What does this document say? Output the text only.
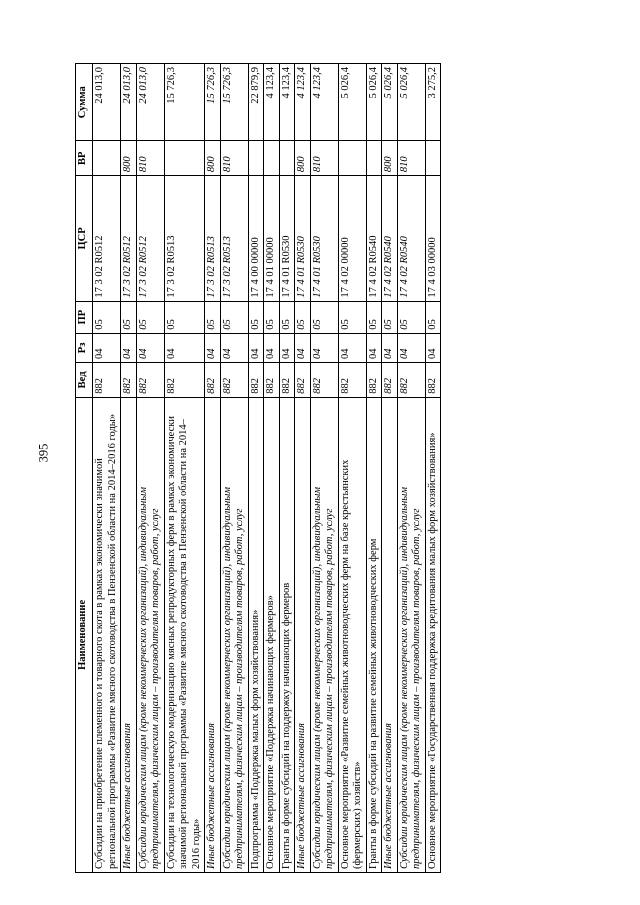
395
Наименование	Вед	Рз	ПР	ЦСР	ВР	Сумма
Субсидии на приобретение племенного и товарного скота в рамках экономически значимой региональной программы «Развитие мясного скотоводства в Пензенской области на 2014–2016 годы»	882	04	05	17 3 02 R0512		24 013,0
Иные бюджетные ассигнования	882	04	05	17 3 02 R0512	800	24 013,0
Субсидии юридическим лицам (кроме некоммерческих организаций), индивидуальным предпринимателям, физическим лицам – производителям товаров, работ, услуг	882	04	05	17 3 02 R0512	810	24 013,0
Субсидии на технологическую модернизацию мясных репродукторных ферм в рамках экономически значимой региональной программы «Развитие мясного скотоводства в Пензенской области на 2014–2016 годы»	882	04	05	17 3 02 R0513		15 726,3
Иные бюджетные ассигнования	882	04	05	17 3 02 R0513	800	15 726,3
Субсидии юридическим лицам (кроме некоммерческих организаций), индивидуальным предпринимателям, физическим лицам – производителям товаров, работ, услуг	882	04	05	17 3 02 R0513	810	15 726,3
Подпрограмма «Поддержка малых форм хозяйствования»	882	04	05	17 4 00 00000		22 879,9
Основное мероприятие «Поддержка начинающих фермеров»	882	04	05	17 4 01 00000		4 123,4
Гранты в форме субсидий на поддержку начинающих фермеров	882	04	05	17 4 01 R0530		4 123,4
Иные бюджетные ассигнования	882	04	05	17 4 01 R0530	800	4 123,4
Субсидии юридическим лицам (кроме некоммерческих организаций), индивидуальным предпринимателям, физическим лицам – производителям товаров, работ, услуг	882	04	05	17 4 01 R0530	810	4 123,4
Основное мероприятие «Развитие семейных животноводческих ферм на базе крестьянских (фермерских) хозяйств»	882	04	05	17 4 02 00000		5 026,4
Гранты в форме субсидий на развитие семейных животноводческих ферм	882	04	05	17 4 02 R0540		5 026,4
Иные бюджетные ассигнования	882	04	05	17 4 02 R0540	800	5 026,4
Субсидии юридическим лицам (кроме некоммерческих организаций), индивидуальным предпринимателям, физическим лицам – производителям товаров, работ, услуг	882	04	05	17 4 02 R0540	810	5 026,4
Основное мероприятие «Государственная поддержка кредитования малых форм хозяйствования»	882	04	05	17 4 03 00000		3 275,2
